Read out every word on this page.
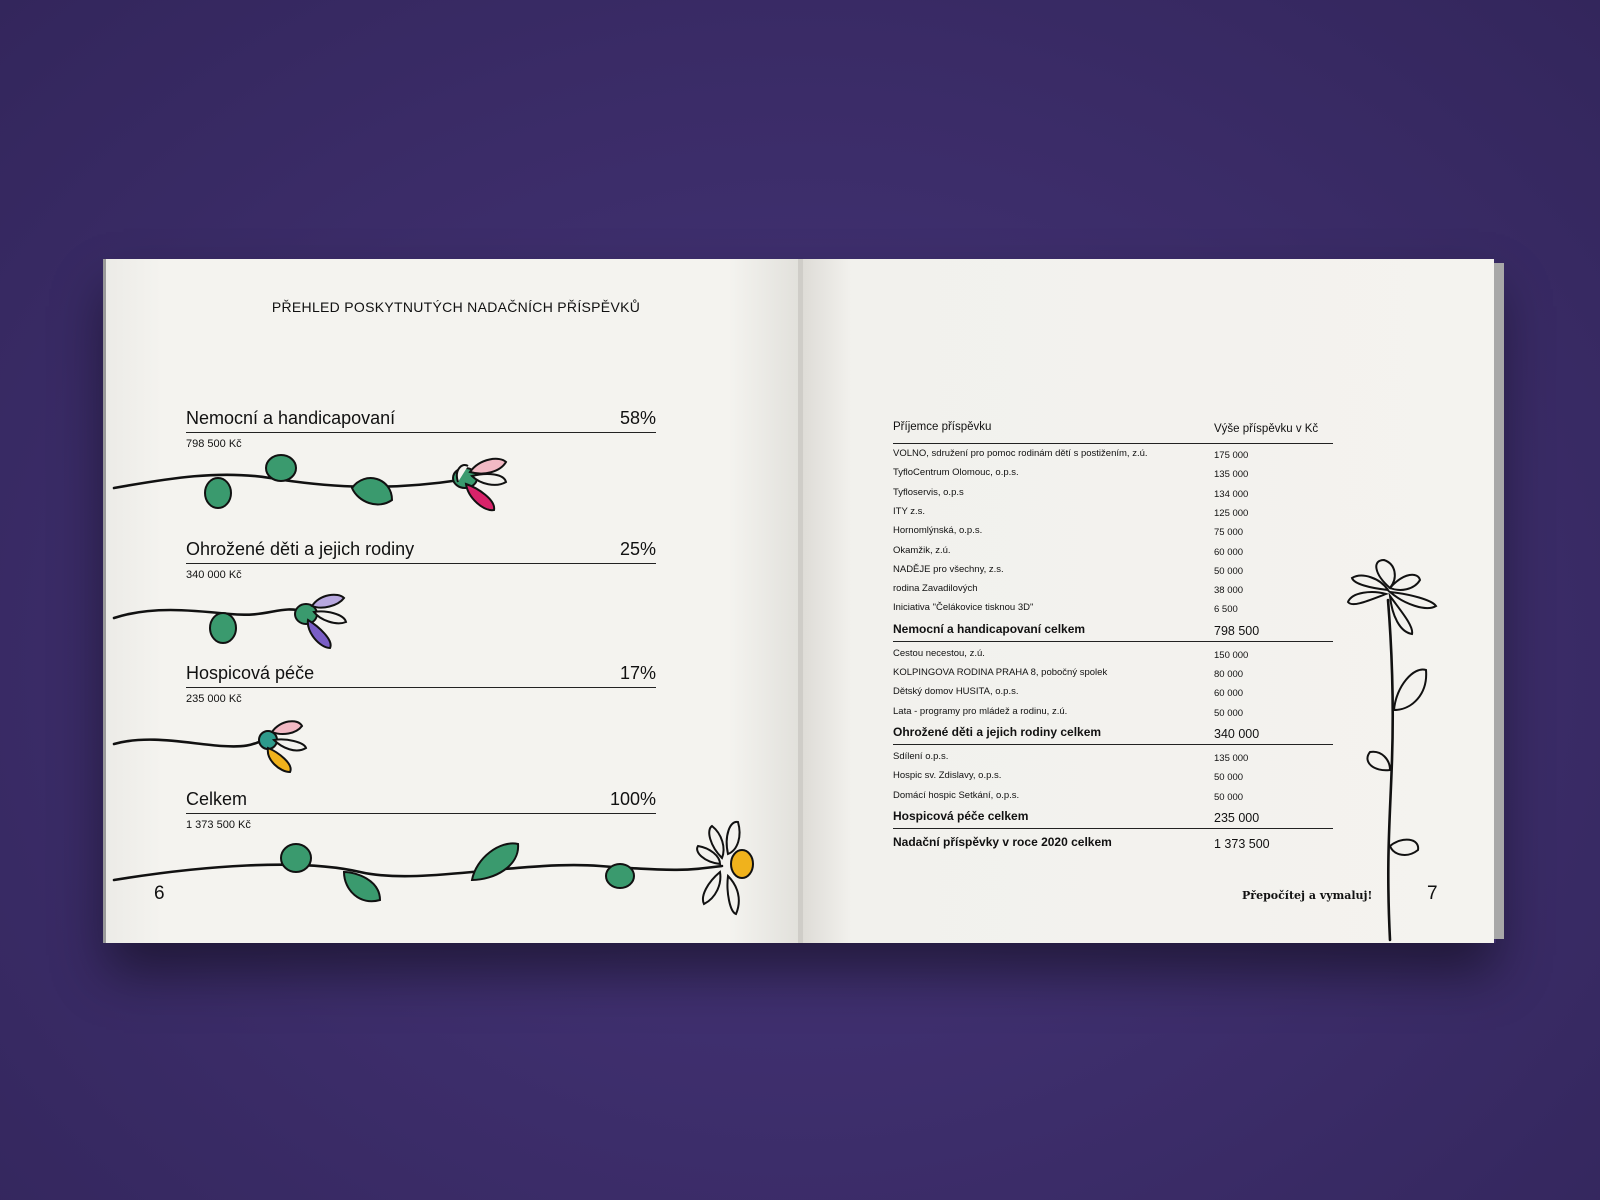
PŘEHLED POSKYTNUTÝCH NADAČNÍCH PŘÍSPĚVKŮ
Nemocní a handicapovaní	58%
798 500 Kč
Ohrožené děti a jejich rodiny	25%
340 000 Kč
Hospicová péče	17%
235 000 Kč
Celkem	100%
1 373 500 Kč
6	7
Příjemce příspěvku	Výše příspěvku v Kč
VOLNO, sdružení pro pomoc rodinám dětí s postižením, z.ú.	175 000
TyfloCentrum Olomouc, o.p.s.	135 000
Tyfloservis, o.p.s	134 000
ITY z.s.	125 000
Hornomlýnská, o.p.s.	75 000
Okamžik, z.ú.	60 000
NADĚJE pro všechny, z.s.	50 000
rodina Zavadilových	38 000
Iniciativa "Čelákovice tisknou 3D"	6 500
Nemocní a handicapovaní celkem	798 500
Cestou necestou, z.ú.	150 000
KOLPINGOVA RODINA PRAHA 8, pobočný spolek	80 000
Dětský domov HUSITA, o.p.s.	60 000
Lata - programy pro mládež a rodinu, z.ú.	50 000
Ohrožené děti a jejich rodiny celkem	340 000
Sdílení o.p.s.	135 000
Hospic sv. Zdislavy, o.p.s.	50 000
Domácí hospic Setkání, o.p.s.	50 000
Hospicová péče celkem	235 000
Nadační příspěvky v roce 2020 celkem	1 373 500
Přepočítej a vymaluj!
